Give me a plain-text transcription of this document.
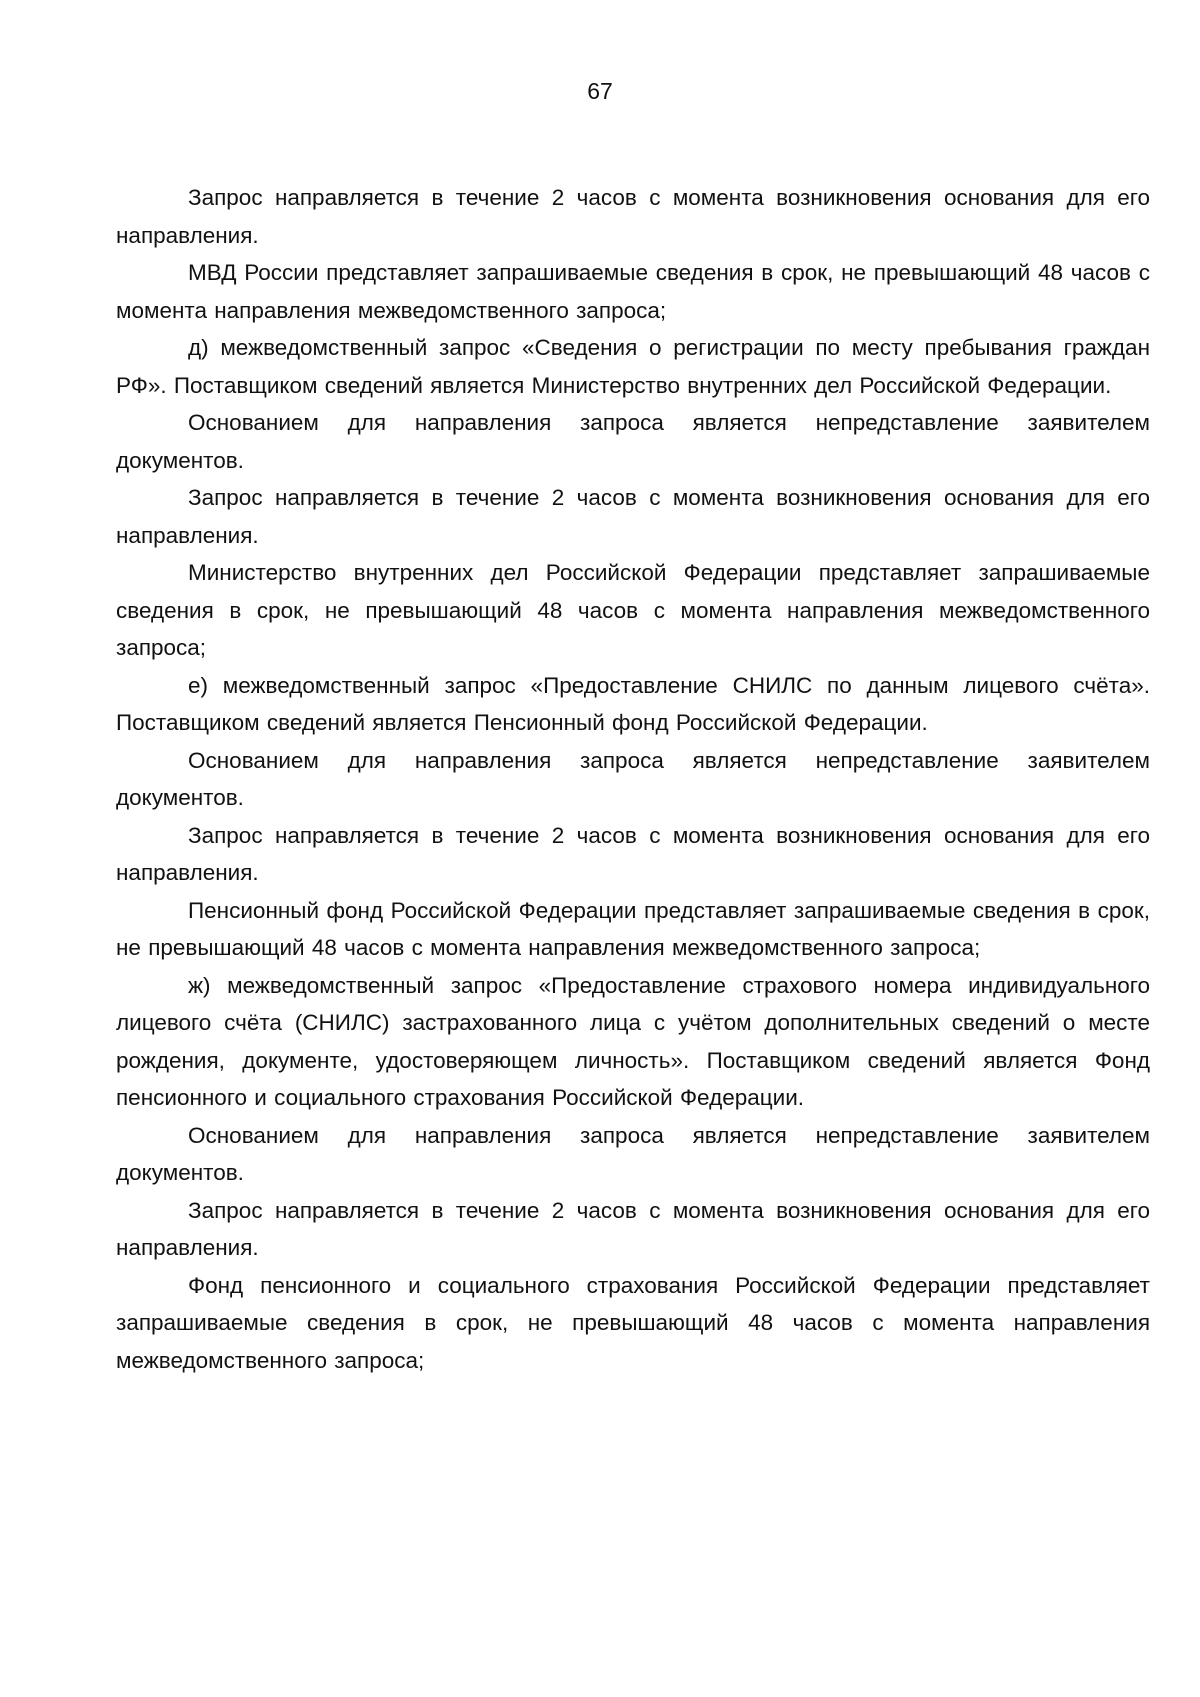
67

Запрос направляется в течение 2 часов с момента возникновения основания для его направления.

МВД России представляет запрашиваемые сведения в срок, не превышающий 48 часов с момента направления межведомственного запроса;

д) межведомственный запрос «Сведения о регистрации по месту пребывания граждан РФ». Поставщиком сведений является Министерство внутренних дел Российской Федерации.

Основанием для направления запроса является непредставление заявителем документов.

Запрос направляется в течение 2 часов с момента возникновения основания для его направления.

Министерство внутренних дел Российской Федерации представляет запрашиваемые сведения в срок, не превышающий 48 часов с момента направления межведомственного запроса;

е) межведомственный запрос «Предоставление СНИЛС по данным лицевого счёта». Поставщиком сведений является Пенсионный фонд Российской Федерации.

Основанием для направления запроса является непредставление заявителем документов.

Запрос направляется в течение 2 часов с момента возникновения основания для его направления.

Пенсионный фонд Российской Федерации представляет запрашиваемые сведения в срок, не превышающий 48 часов с момента направления межведомственного запроса;

ж) межведомственный запрос «Предоставление страхового номера индивидуального лицевого счёта (СНИЛС) застрахованного лица с учётом дополнительных сведений о месте рождения, документе, удостоверяющем личность». Поставщиком сведений является Фонд пенсионного и социального страхования Российской Федерации.

Основанием для направления запроса является непредставление заявителем документов.

Запрос направляется в течение 2 часов с момента возникновения основания для его направления.

Фонд пенсионного и социального страхования Российской Федерации представляет запрашиваемые сведения в срок, не превышающий 48 часов с момента направления межведомственного запроса;
